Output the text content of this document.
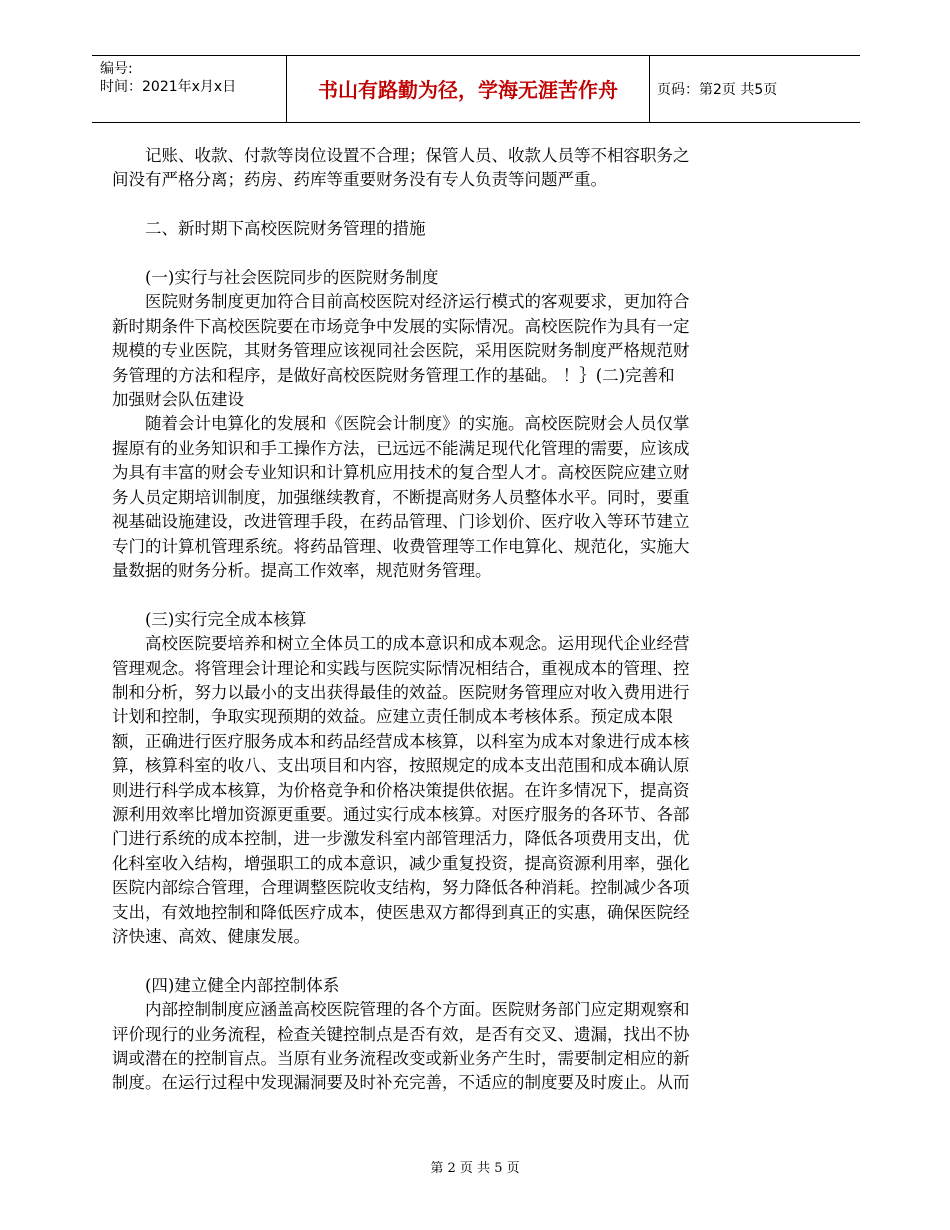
编号:
时间：2021年x月x日	书山有路勤为径，学海无涯苦作舟	页码：第2页 共5页

　　记账、收款、付款等岗位设置不合理；保管人员、收款人员等不相容职务之

间没有严格分离；药房、药库等重要财务没有专人负责等问题严重。

　　二、新时期下高校医院财务管理的措施

　　(一)实行与社会医院同步的医院财务制度

　　医院财务制度更加符合目前高校医院对经济运行模式的客观要求，更加符合

新时期条件下高校医院要在市场竞争中发展的实际情况。高校医院作为具有一定

规模的专业医院，其财务管理应该视同社会医院，采用医院财务制度严格规范财

务管理的方法和程序，是做好高校医院财务管理工作的基础。 ！｝(二)完善和

加强财会队伍建设

　　随着会计电算化的发展和《医院会计制度》的实施。高校医院财会人员仅掌

握原有的业务知识和手工操作方法，已远远不能满足现代化管理的需要，应该成

为具有丰富的财会专业知识和计算机应用技术的复合型人才。高校医院应建立财

务人员定期培训制度，加强继续教育，不断提高财务人员整体水平。同时，要重

视基础设施建设，改进管理手段，在药品管理、门诊划价、医疗收入等环节建立

专门的计算机管理系统。将药品管理、收费管理等工作电算化、规范化，实施大

量数据的财务分析。提高工作效率，规范财务管理。

　　(三)实行完全成本核算

　　高校医院要培养和树立全体员工的成本意识和成本观念。运用现代企业经营

管理观念。将管理会计理论和实践与医院实际情况相结合，重视成本的管理、控

制和分析，努力以最小的支出获得最佳的效益。医院财务管理应对收入费用进行

计划和控制，争取实现预期的效益。应建立责任制成本考核体系。预定成本限

额，正确进行医疗服务成本和药品经营成本核算，以科室为成本对象进行成本核

算，核算科室的收八、支出项目和内容，按照规定的成本支出范围和成本确认原

则进行科学成本核算，为价格竞争和价格决策提供依据。在许多情况下，提高资

源利用效率比增加资源更重要。通过实行成本核算。对医疗服务的各环节、各部

门进行系统的成本控制，进一步激发科室内部管理活力，降低各项费用支出，优

化科室收入结构，增强职工的成本意识，减少重复投资，提高资源利用率，强化

医院内部综合管理，合理调整医院收支结构，努力降低各种消耗。控制减少各项

支出，有效地控制和降低医疗成本，使医患双方都得到真正的实惠，确保医院经

济快速、高效、健康发展。

　　(四)建立健全内部控制体系

　　内部控制制度应涵盖高校医院管理的各个方面。医院财务部门应定期观察和

评价现行的业务流程，检查关键控制点是否有效，是否有交叉、遗漏，找出不协

调或潜在的控制盲点。当原有业务流程改变或新业务产生时，需要制定相应的新

制度。在运行过程中发现漏洞要及时补充完善，不适应的制度要及时废止。从而

第 2 页 共 5 页
